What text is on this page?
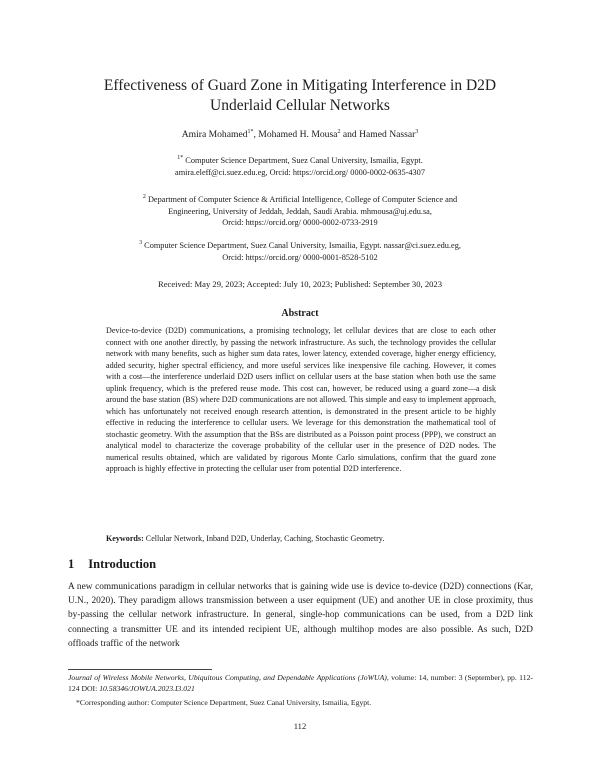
Effectiveness of Guard Zone in Mitigating Interference in D2D
Underlaid Cellular Networks
Amira Mohamed$^{1*}$, Mohamed H. Mousa$^2$ and Hamed Nassar$^3$
$^{1*}$ Computer Science Department, Suez Canal University, Ismailia, Egypt.
amira.eleff@ci.suez.edu.eg, Orcid: https://orcid.org/ 0000-0002-0635-4307
$^2$ Department of Computer Science & Artificial Intelligence, College of Computer Science and
Engineering, University of Jeddah, Jeddah, Saudi Arabia. mhmousa@uj.edu.sa,
Orcid: https://orcid.org/ 0000-0002-0733-2919
$^3$ Computer Science Department, Suez Canal University, Ismailia, Egypt. nassar@ci.suez.edu.eg,
Orcid: https://orcid.org/ 0000-0001-8528-5102
Received: May 29, 2023; Accepted: July 10, 2023; Published: September 30, 2023
Abstract
Device-to-device (D2D) communications, a promising technology, let cellular devices that are close to each other connect with one another directly, by passing the network infrastructure. As such, the technology provides the cellular network with many benefits, such as higher sum data rates, lower latency, extended coverage, higher energy efficiency, added security, higher spectral efficiency, and more useful services like inexpensive file caching. However, it comes with a cost—the interference underlaid D2D users inflict on cellular users at the base station when both use the same uplink frequency, which is the prefered reuse mode. This cost can, however, be reduced using a guard zone—a disk around the base station (BS) where D2D communications are not allowed. This simple and easy to implement approach, which has unfortunately not received enough research attention, is demonstrated in the present article to be highly effective in reducing the interference to cellular users. We leverage for this demonstration the mathematical tool of stochastic geometry. With the assumption that the BSs are distributed as a Poisson point process (PPP), we construct an analytical model to characterize the coverage probability of the cellular user in the presence of D2D nodes. The numerical results obtained, which are validated by rigorous Monte Carlo simulations, confirm that the guard zone approach is highly effective in protecting the cellular user from potential D2D interference.
Keywords: Cellular Network, Inband D2D, Underlay, Caching, Stochastic Geometry.
1 Introduction
A new communications paradigm in cellular networks that is gaining wide use is device to-device (D2D) connections (Kar, U.N., 2020). They paradigm allows transmission between a user equipment (UE) and another UE in close proximity, thus by-passing the cellular network infrastructure. In general, single-hop communications can be used, from a D2D link connecting a transmitter UE and its intended recipient UE, although multihop modes are also possible. As such, D2D offloads traffic of the network
Journal of Wireless Mobile Networks, Ubiquitous Computing, and Dependable Applications (JoWUA), volume: 14, number: 3 (September), pp. 112-124 DOI: 10.58346/JOWUA.2023.I3.021
*Corresponding author: Computer Science Department, Suez Canal University, Ismailia, Egypt.
112
